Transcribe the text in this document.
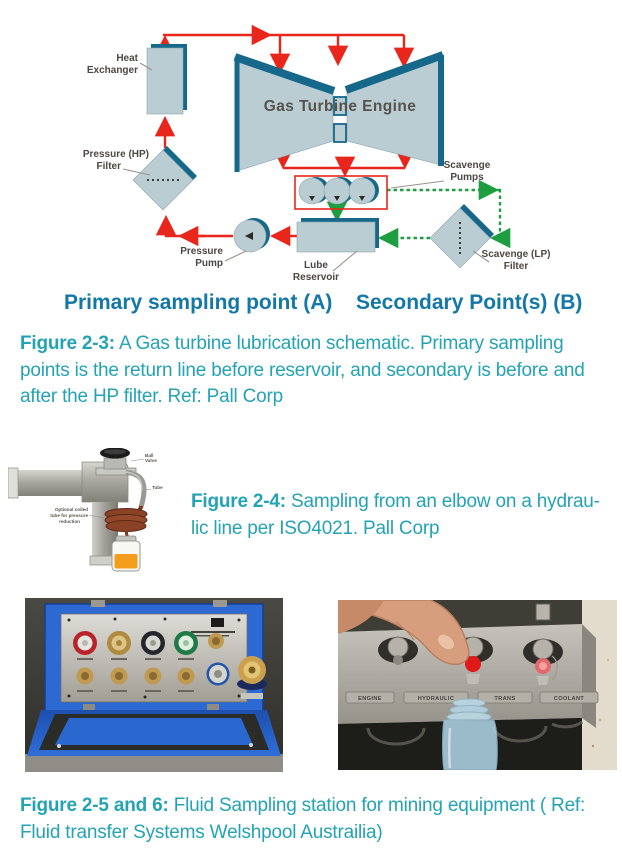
Gas Turbine Engine
Heat
Exchanger
Pressure (HP)
Filter	Scavenge
Pumps
Scavenge (LP)
Filter
Pressure
Pump	Lube
Reservoir
Primary sampling point (A) Secondary Point(s) (B)
Figure 2-3: A Gas turbine lubrication schematic. Primary sampling
points is the return line before reservoir, and secondary is before and
after the HP filter. Ref: Pall Corp
Ball
Valve
Tube
Optional coiled
tube for pressure
reduction
Figure 2-4: Sampling from an elbow on a hydrau-
lic line per ISO4021. Pall Corp
ENGINE	HYDRAULIC	TRANS	COOLANT
Figure 2-5 and 6: Fluid Sampling station for mining equipment ( Ref:
Fluid transfer Systems Welshpool Austrailia)
